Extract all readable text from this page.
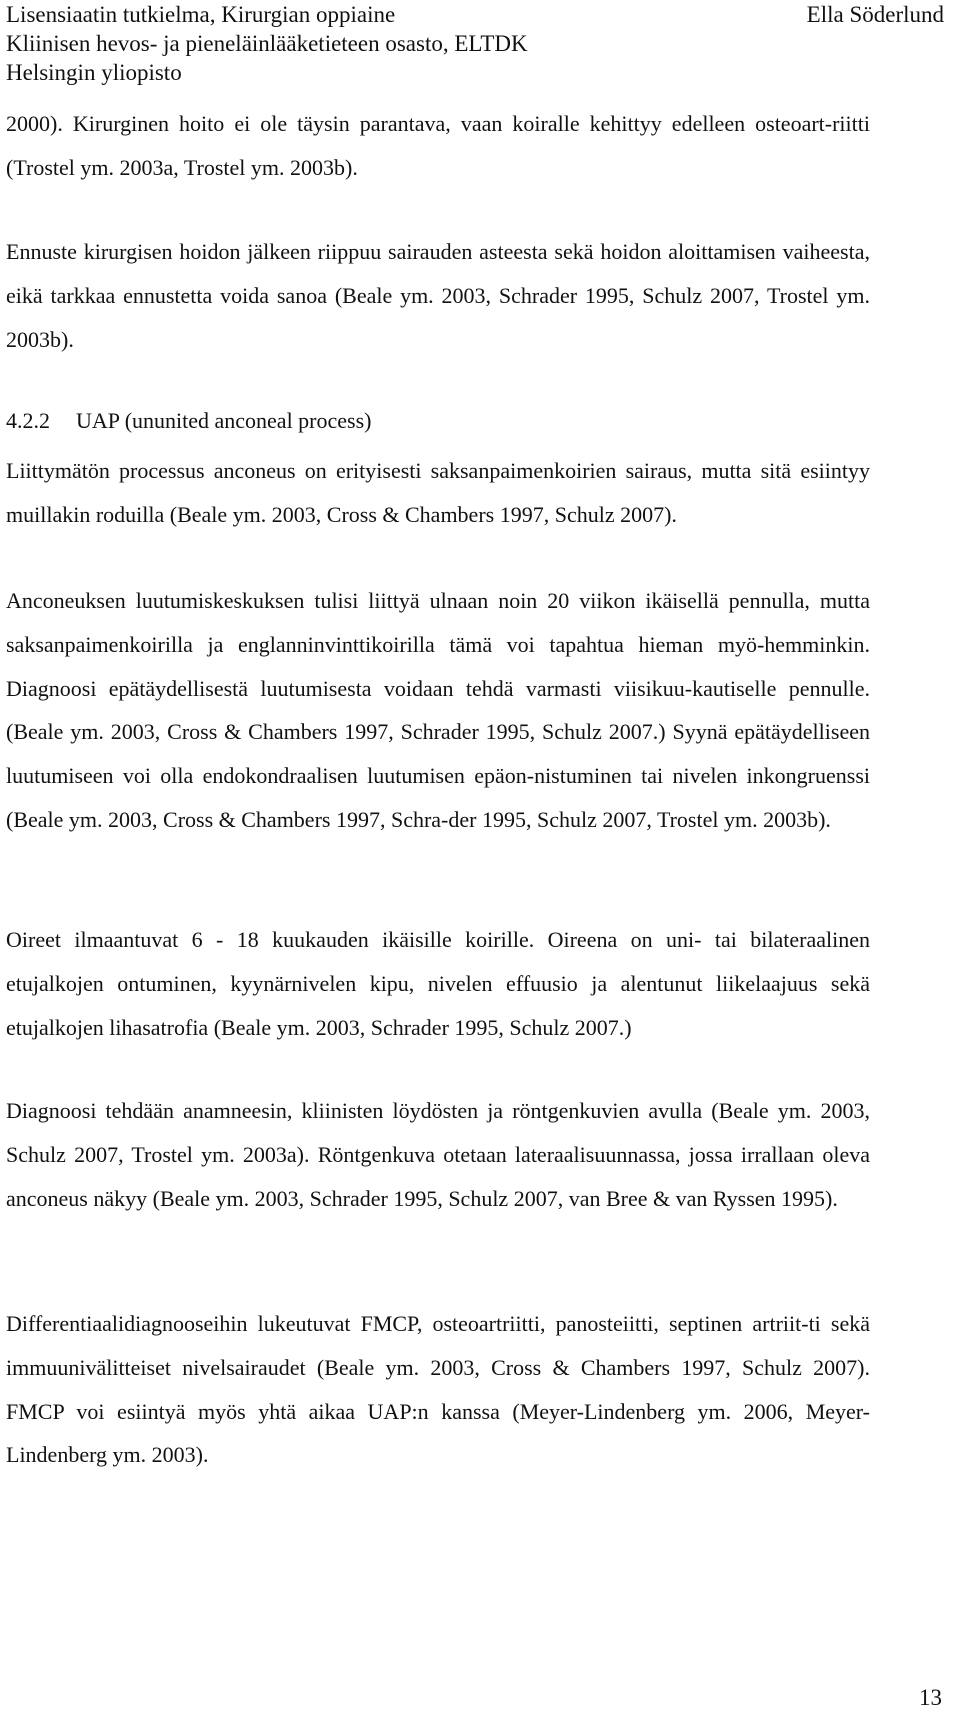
Lisensiaatin tutkielma, Kirurgian oppiaine	Ella Söderlund
Kliinisen hevos- ja pieneläinlääketieteen osasto, ELTDK
Helsingin yliopisto
2000). Kirurginen hoito ei ole täysin parantava, vaan koiralle kehittyy edelleen osteoart-riitti (Trostel ym. 2003a, Trostel ym. 2003b).
Ennuste kirurgisen hoidon jälkeen riippuu sairauden asteesta sekä hoidon aloittamisen vaiheesta, eikä tarkkaa ennustetta voida sanoa (Beale ym. 2003, Schrader 1995, Schulz 2007, Trostel ym. 2003b).
4.2.2 UAP (ununited anconeal process)
Liittymätön processus anconeus on erityisesti saksanpaimenkoirien sairaus, mutta sitä esiintyy muillakin roduilla (Beale ym. 2003, Cross & Chambers 1997, Schulz 2007).
Anconeuksen luutumiskeskuksen tulisi liittyä ulnaan noin 20 viikon ikäisellä pennulla, mutta saksanpaimenkoirilla ja englanninvinttikoirilla tämä voi tapahtua hieman myö-hemminkin. Diagnoosi epätäydellisestä luutumisesta voidaan tehdä varmasti viisikuu-kautiselle pennulle. (Beale ym. 2003, Cross & Chambers 1997, Schrader 1995, Schulz 2007.) Syynä epätäydelliseen luutumiseen voi olla endokondraalisen luutumisen epäon-nistuminen tai nivelen inkongruenssi (Beale ym. 2003, Cross & Chambers 1997, Schra-der 1995, Schulz 2007, Trostel ym. 2003b).
Oireet ilmaantuvat 6 - 18 kuukauden ikäisille koirille. Oireena on uni- tai bilateraalinen etujalkojen ontuminen, kyynärnivelen kipu, nivelen effuusio ja alentunut liikelaajuus sekä etujalkojen lihasatrofia (Beale ym. 2003, Schrader 1995, Schulz 2007.)
Diagnoosi tehdään anamneesin, kliinisten löydösten ja röntgenkuvien avulla (Beale ym. 2003, Schulz 2007, Trostel ym. 2003a). Röntgenkuva otetaan lateraalisuunnassa, jossa irrallaan oleva anconeus näkyy (Beale ym. 2003, Schrader 1995, Schulz 2007, van Bree & van Ryssen 1995).
Differentiaalidiagnooseihin lukeutuvat FMCP, osteoartriitti, panosteiitti, septinen artriit-ti sekä immuunivälitteiset nivelsairaudet (Beale ym. 2003, Cross & Chambers 1997, Schulz 2007). FMCP voi esiintyä myös yhtä aikaa UAP:n kanssa (Meyer-Lindenberg ym. 2006, Meyer-Lindenberg ym. 2003).
13
